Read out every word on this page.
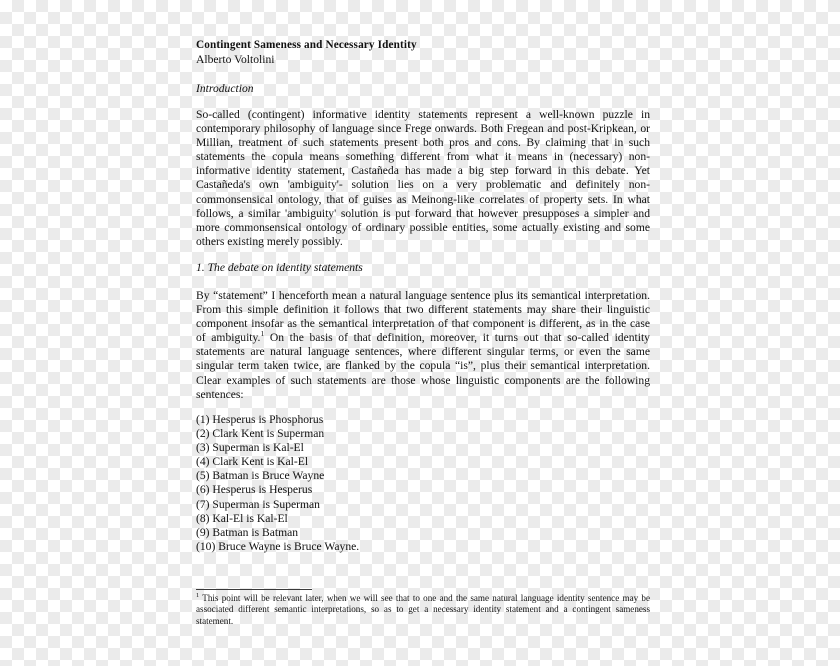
Contingent Sameness and Necessary Identity
Alberto Voltolini
Introduction
So-called (contingent) informative identity statements represent a well-known puzzle in contemporary philosophy of language since Frege onwards. Both Fregean and post-Kripkean, or Millian, treatment of such statements present both pros and cons. By claiming that in such statements the copula means something different from what it means in (necessary) non-informative identity statement, Castañeda has made a big step forward in this debate. Yet Castañeda's own 'ambiguity'- solution lies on a very problematic and definitely non-commonsensical ontology, that of guises as Meinong-like correlates of property sets. In what follows, a similar 'ambiguity' solution is put forward that however presupposes a simpler and more commonsensical ontology of ordinary possible entities, some actually existing and some others existing merely possibly.
1. The debate on identity statements
By “statement” I henceforth mean a natural language sentence plus its semantical interpretation. From this simple definition it follows that two different statements may share their linguistic component insofar as the semantical interpretation of that component is different, as in the case of ambiguity.$^1$ On the basis of that definition, moreover, it turns out that so-called identity statements are natural language sentences, where different singular terms, or even the same singular term taken twice, are flanked by the copula “is”, plus their semantical interpretation. Clear examples of such statements are those whose linguistic components are the following sentences:
(1) Hesperus is Phosphorus
(2) Clark Kent is Superman
(3) Superman is Kal-El
(4) Clark Kent is Kal-El
(5) Batman is Bruce Wayne
(6) Hesperus is Hesperus
(7) Superman is Superman
(8) Kal-El is Kal-El
(9) Batman is Batman
(10) Bruce Wayne is Bruce Wayne.
$^1$ This point will be relevant later, when we will see that to one and the same natural language identity sentence may be associated different semantic interpretations, so as to get a necessary identity statement and a contingent sameness statement.
